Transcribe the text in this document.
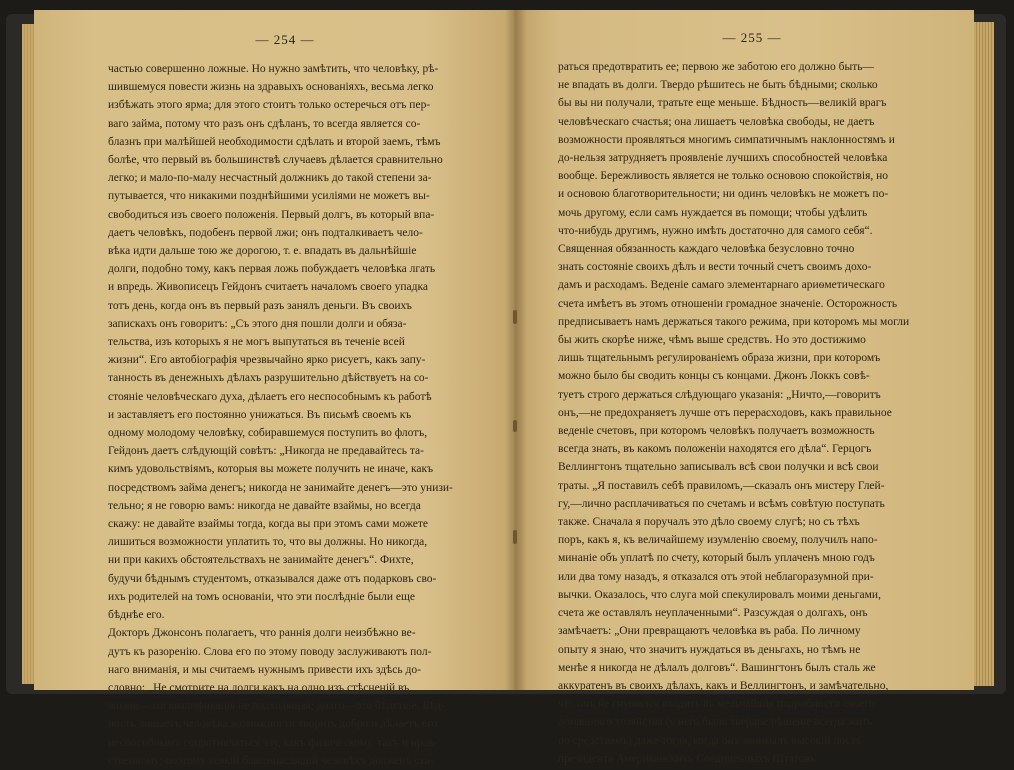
— 254 —
частью совершенно ложные. Но нужно замѣтить, что человѣку, рѣ-
шившемуся повести жизнь на здравыхъ основаніяхъ, весьма легко
избѣжать этого ярма; для этого стоитъ только остеречься отъ пер-
ваго займа, потому что разъ онъ сдѣланъ, то всегда является со-
блазнъ при малѣйшей необходимости сдѣлать и второй заемъ, тѣмъ
болѣе, что первый въ большинствѣ случаевъ дѣлается сравнительно
легко; и мало-по-малу несчастный должникъ до такой степени за-
путывается, что никакими позднѣйшими усиліями не можетъ вы-
свободиться изъ своего положенія. Первый долгъ, въ который впа-
даетъ человѣкъ, подобенъ первой лжи; онъ подталкиваетъ чело-
вѣка идти дальше тою же дорогою, т. е. впадать въ дальнѣйшіе
долги, подобно тому, какъ первая ложь побуждаетъ человѣка лгать
и впредь. Живописецъ Гейдонъ считаетъ началомъ своего упадка
тотъ день, когда онъ въ первый разъ занялъ деньги. Въ своихъ
запискахъ онъ говоритъ: „Съ этого дня пошли долги и обяза-
тельства, изъ которыхъ я не могъ выпутаться въ теченіе всей
жизни“. Его автобіографія чрезвычайно ярко рисуетъ, какъ запу-
танность въ денежныхъ дѣлахъ разрушительно дѣйствуетъ на со-
стояніе человѣческаго духа, дѣлаетъ его неспособнымъ къ работѣ
и заставляетъ его постоянно унижаться. Въ письмѣ своемъ къ
одному молодому человѣку, собиравшемуся поступить во флотъ,
Гейдонъ даетъ слѣдующій совѣтъ: „Никогда не предавайтесь та-
кимъ удовольствіямъ, которыя вы можете получить не иначе, какъ
посредствомъ займа денегъ; никогда не занимайте денегъ—это унизи-
тельно; я не говорю вамъ: никогда не давайте взаймы, но всегда
скажу: не давайте взаймы тогда, когда вы при этомъ сами можете
лишиться возможности уплатить то, что вы должны. Но никогда,
ни при какихъ обстоятельствахъ не занимайте денегъ“. Фихте,
будучи бѣднымъ студентомъ, отказывался даже отъ подарковъ сво-
ихъ родителей на томъ основаніи, что эти послѣдніе были еще
бѣднѣе его.
Докторъ Джонсонъ полагаетъ, что раннія долги неизбѣжно ве-
дутъ къ разоренію. Слова его по этому поводу заслуживаютъ пол-
наго вниманія, и мы считаемъ нужнымъ привести ихъ здѣсь до-
словно: „Не смотрите на долги какъ на одно изъ стѣсненій въ
жизни—эта квалификація не подходящая; долги—это бѣдствіе. Бѣд-
ность лишаетъ человѣка возможности творить добро и дѣлаетъ его
неспособнымъ сопротивляться злу, какъ физическому, такъ и нрав-
ственному; поэтому всякій благомыслящій человѣкъ долженъ ста-
— 255 —
раться предотвратить ее; первою же заботою его должно быть—
не впадать въ долги. Твердо рѣшитесь не быть бѣдными; сколько
бы вы ни получали, тратьте еще меньше. Бѣдность—великій врагъ
человѣческаго счастья; она лишаетъ человѣка свободы, не даетъ
возможности проявляться многимъ симпатичнымъ наклонностямъ и
до-нельзя затрудняетъ проявленіе лучшихъ способностей человѣка
вообще. Бережливость является не только основою спокойствія, но
и основою благотворительности; ни одинъ человѣкъ не можетъ по-
мочь другому, если самъ нуждается въ помощи; чтобы удѣлить
что-нибудь другимъ, нужно имѣть достаточно для самого себя“.
Священная обязанность каждаго человѣка безусловно точно
знать состояніе своихъ дѣлъ и вести точный счетъ своимъ дохо-
дамъ и расходамъ. Веденіе самаго элементарнаго ариѳметическаго
счета имѣетъ въ этомъ отношеніи громадное значеніе. Осторожность
предписываетъ намъ держаться такого режима, при которомъ мы могли
бы жить скорѣе ниже, чѣмъ выше средствъ. Но это достижимо
лишь тщательнымъ регулированіемъ образа жизни, при которомъ
можно было бы сводить концы съ концами. Джонъ Локкъ совѣ-
туетъ строго держаться слѣдующаго указанія: „Ничто,—говоритъ
онъ,—не предохраняетъ лучше отъ перерасходовъ, какъ правильное
веденіе счетовъ, при которомъ человѣкъ получаетъ возможность
всегда знать, въ какомъ положеніи находятся его дѣла“. Герцогъ
Веллингтонъ тщательно записывалъ всѣ свои получки и всѣ свои
траты. „Я поставилъ себѣ правиломъ,—сказалъ онъ мистеру Глей-
гу,—лично расплачиваться по счетамъ и всѣмъ совѣтую поступать
также. Сначала я поручалъ это дѣло своему слугѣ; но съ тѣхъ
поръ, какъ я, къ величайшему изумленію своему, получилъ напо-
минаніе объ уплатѣ по счету, который былъ уплаченъ мною годъ
или два тому назадъ, я отказался отъ этой неблагоразумной при-
вычки. Оказалось, что слуга мой спекулировалъ моими деньгами,
счета же оставлялъ неуплаченными“. Разсуждая о долгахъ, онъ
замѣчаетъ: „Они превращаютъ человѣка въ раба. По личному
опыту я знаю, что значитъ нуждаться въ деньгахъ, но тѣмъ не
менѣе я никогда не дѣлалъ долговъ“. Вашингтонъ былъ сталь же
аккуратенъ въ своихъ дѣлахъ, какъ и Веллингтонъ, и замѣчательно,
что онъ не гнушался входить въ мельчайшія подробности своего
домашняго хозяйства (у него было твердое рѣшеніе всегда жить
по средствамъ) даже тогда, когда онъ занималъ высокій постъ
президента Американскихъ Соединенныхъ Штатовъ.
